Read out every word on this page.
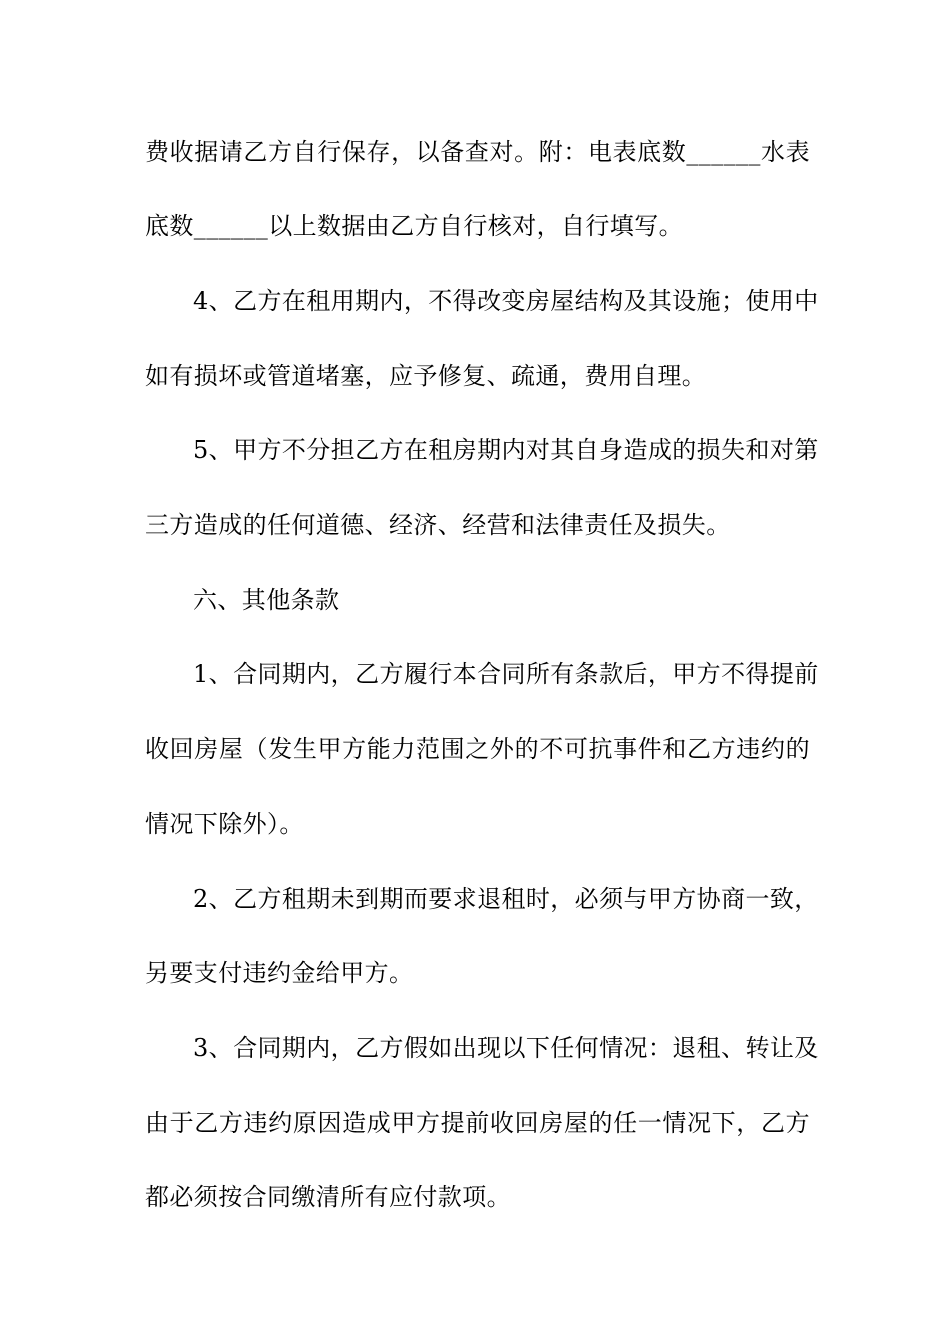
费收据请乙方自行保存，以备查对。附：电表底数______水表
底数______以上数据由乙方自行核对，自行填写。
4、乙方在租用期内，不得改变房屋结构及其设施；使用中
如有损坏或管道堵塞，应予修复、疏通，费用自理。
5、甲方不分担乙方在租房期内对其自身造成的损失和对第
三方造成的任何道德、经济、经营和法律责任及损失。
六、其他条款
1、合同期内，乙方履行本合同所有条款后，甲方不得提前
收回房屋（发生甲方能力范围之外的不可抗事件和乙方违约的
情况下除外）。
2、乙方租期未到期而要求退租时，必须与甲方协商一致，
另要支付违约金给甲方。
3、合同期内，乙方假如出现以下任何情况：退租、转让及
由于乙方违约原因造成甲方提前收回房屋的任一情况下，乙方
都必须按合同缴清所有应付款项。
